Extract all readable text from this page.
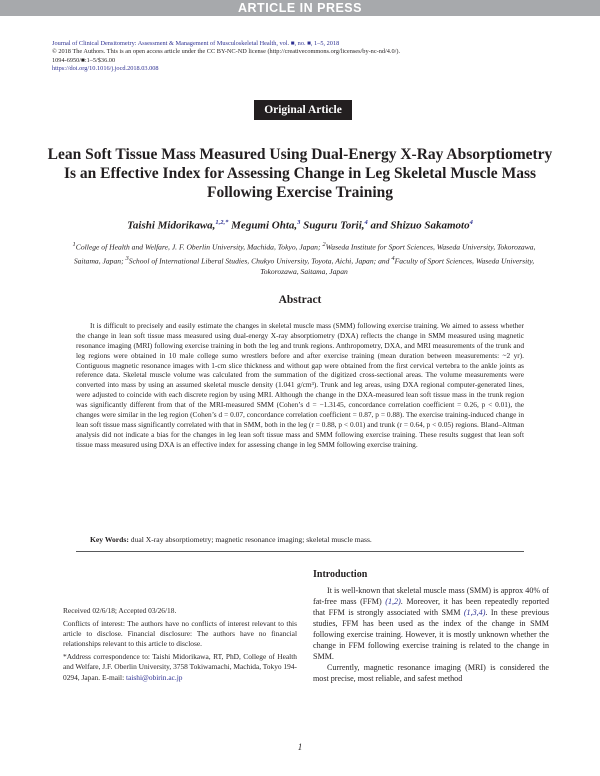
ARTICLE IN PRESS
Journal of Clinical Densitometry: Assessment & Management of Musculoskeletal Health, vol. ■, no. ■, 1–5, 2018
© 2018 The Authors. This is an open access article under the CC BY-NC-ND license (http://creativecommons.org/licenses/by-nc-nd/4.0/).
1094-6950/■:1–5/$36.00
https://doi.org/10.1016/j.jocd.2018.03.008
Original Article
Lean Soft Tissue Mass Measured Using Dual-Energy X-Ray Absorptiometry Is an Effective Index for Assessing Change in Leg Skeletal Muscle Mass Following Exercise Training
Taishi Midorikawa,$^{1,2,*}$ Megumi Ohta,$^3$ Suguru Torii,$^4$ and Shizuo Sakamoto$^4$
$^1$College of Health and Welfare, J. F. Oberlin University, Machida, Tokyo, Japan; $^2$Waseda Institute for Sport Sciences, Waseda University, Tokorozawa, Saitama, Japan; $^3$School of International Liberal Studies, Chukyo University, Toyota, Aichi, Japan; and $^4$Faculty of Sport Sciences, Waseda University, Tokorozawa, Saitama, Japan
Abstract
It is difficult to precisely and easily estimate the changes in skeletal muscle mass (SMM) following exercise training. We aimed to assess whether the change in lean soft tissue mass measured using dual-energy X-ray absorptiometry (DXA) reflects the change in SMM measured using magnetic resonance imaging (MRI) following exercise training in both the leg and trunk regions. Anthropometry, DXA, and MRI measurements of the trunk and leg regions were obtained in 10 male college sumo wrestlers before and after exercise training (mean duration between measurements: ~2 yr). Contiguous magnetic resonance images with 1-cm slice thickness and without gap were obtained from the first cervical vertebra to the ankle joints as reference data. Skeletal muscle volume was calculated from the summation of the digitized cross-sectional areas. The volume measurements were converted into mass by using an assumed skeletal muscle density (1.041 g/cm³). Trunk and leg areas, using DXA regional computer-generated lines, were adjusted to coincide with each discrete region by using MRI. Although the change in the DXA-measured lean soft tissue mass in the trunk region was significantly different from that of the MRI-measured SMM (Cohen’s d = −1.3145, concordance correlation coefficient = 0.26, p < 0.01), the changes were similar in the leg region (Cohen’s d = 0.07, concordance correlation coefficient = 0.87, p = 0.88). The exercise training-induced change in lean soft tissue mass significantly correlated with that in SMM, both in the leg (r = 0.88, p < 0.01) and trunk (r = 0.64, p < 0.05) regions. Bland–Altman analysis did not indicate a bias for the changes in leg lean soft tissue mass and SMM following exercise training. These results suggest that lean soft tissue mass measured using DXA is an effective index for assessing change in leg SMM following exercise training.
Key Words: dual X-ray absorptiometry; magnetic resonance imaging; skeletal muscle mass.

Received 02/6/18; Accepted 03/26/18.

Conflicts of interest: The authors have no conflicts of interest relevant to this article to disclose. Financial disclosure: The authors have no financial relationships relevant to this article to disclose.

*Address correspondence to: Taishi Midorikawa, RT, PhD, College of Health and Welfare, J.F. Oberlin University, 3758 Tokiwamachi, Machida, Tokyo 194-0294, Japan. E-mail: taishi@obirin.ac.jp

Introduction

It is well-known that skeletal muscle mass (SMM) is approx 40% of fat-free mass (FFM) (1,2). Moreover, it has been repeatedly reported that FFM is strongly associated with SMM (1,3,4). In these previous studies, FFM has been used as the index of the change in SMM following exercise training. However, it is mostly unknown whether the change in FFM following exercise training is related to the change in SMM.

Currently, magnetic resonance imaging (MRI) is considered the most precise, most reliable, and safest method

1
